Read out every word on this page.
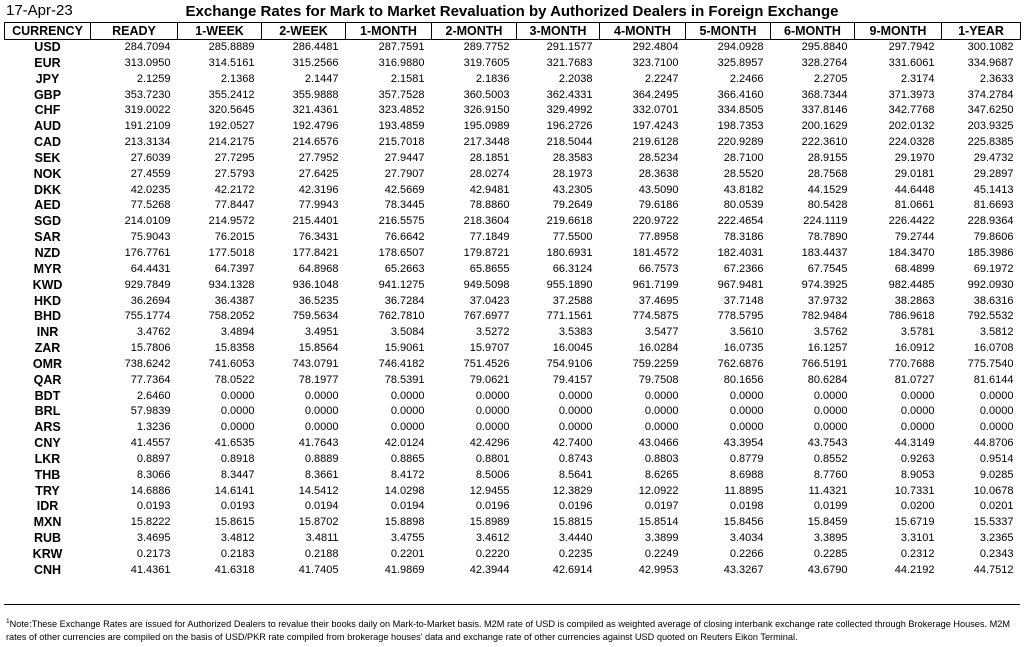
17-Apr-23	Exchange Rates for Mark to Market Revaluation by Authorized Dealers in Foreign Exchange
CURRENCY	READY	1-WEEK	2-WEEK	1-MONTH	2-MONTH	3-MONTH	4-MONTH	5-MONTH	6-MONTH	9-MONTH	1-YEAR
USD	284.7094	285.8889	286.4481	287.7591	289.7752	291.1577	292.4804	294.0928	295.8840	297.7942	300.1082
EUR	313.0950	314.5161	315.2566	316.9880	319.7605	321.7683	323.7100	325.8957	328.2764	331.6061	334.9687
JPY	2.1259	2.1368	2.1447	2.1581	2.1836	2.2038	2.2247	2.2466	2.2705	2.3174	2.3633
GBP	353.7230	355.2412	355.9888	357.7528	360.5003	362.4331	364.2495	366.4160	368.7344	371.3973	374.2784
CHF	319.0022	320.5645	321.4361	323.4852	326.9150	329.4992	332.0701	334.8505	337.8146	342.7768	347.6250
AUD	191.2109	192.0527	192.4796	193.4859	195.0989	196.2726	197.4243	198.7353	200.1629	202.0132	203.9325
CAD	213.3134	214.2175	214.6576	215.7018	217.3448	218.5044	219.6128	220.9289	222.3610	224.0328	225.8385
SEK	27.6039	27.7295	27.7952	27.9447	28.1851	28.3583	28.5234	28.7100	28.9155	29.1970	29.4732
NOK	27.4559	27.5793	27.6425	27.7907	28.0274	28.1973	28.3638	28.5520	28.7568	29.0181	29.2897
DKK	42.0235	42.2172	42.3196	42.5669	42.9481	43.2305	43.5090	43.8182	44.1529	44.6448	45.1413
AED	77.5268	77.8447	77.9943	78.3445	78.8860	79.2649	79.6186	80.0539	80.5428	81.0661	81.6693
SGD	214.0109	214.9572	215.4401	216.5575	218.3604	219.6618	220.9722	222.4654	224.1119	226.4422	228.9364
SAR	75.9043	76.2015	76.3431	76.6642	77.1849	77.5500	77.8958	78.3186	78.7890	79.2744	79.8606
NZD	176.7761	177.5018	177.8421	178.6507	179.8721	180.6931	181.4572	182.4031	183.4437	184.3470	185.3986
MYR	64.4431	64.7397	64.8968	65.2663	65.8655	66.3124	66.7573	67.2366	67.7545	68.4899	69.1972
KWD	929.7849	934.1328	936.1048	941.1275	949.5098	955.1890	961.7199	967.9481	974.3925	982.4485	992.0930
HKD	36.2694	36.4387	36.5235	36.7284	37.0423	37.2588	37.4695	37.7148	37.9732	38.2863	38.6316
BHD	755.1774	758.2052	759.5634	762.7810	767.6977	771.1561	774.5875	778.5795	782.9484	786.9618	792.5532
INR	3.4762	3.4894	3.4951	3.5084	3.5272	3.5383	3.5477	3.5610	3.5762	3.5781	3.5812
ZAR	15.7806	15.8358	15.8564	15.9061	15.9707	16.0045	16.0284	16.0735	16.1257	16.0912	16.0708
OMR	738.6242	741.6053	743.0791	746.4182	751.4526	754.9106	759.2259	762.6876	766.5191	770.7688	775.7540
QAR	77.7364	78.0522	78.1977	78.5391	79.0621	79.4157	79.7508	80.1656	80.6284	81.0727	81.6144
BDT	2.6460	0.0000	0.0000	0.0000	0.0000	0.0000	0.0000	0.0000	0.0000	0.0000	0.0000
BRL	57.9839	0.0000	0.0000	0.0000	0.0000	0.0000	0.0000	0.0000	0.0000	0.0000	0.0000
ARS	1.3236	0.0000	0.0000	0.0000	0.0000	0.0000	0.0000	0.0000	0.0000	0.0000	0.0000
CNY	41.4557	41.6535	41.7643	42.0124	42.4296	42.7400	43.0466	43.3954	43.7543	44.3149	44.8706
LKR	0.8897	0.8918	0.8889	0.8865	0.8801	0.8743	0.8803	0.8779	0.8552	0.9263	0.9514
THB	8.3066	8.3447	8.3661	8.4172	8.5006	8.5641	8.6265	8.6988	8.7760	8.9053	9.0285
TRY	14.6886	14.6141	14.5412	14.0298	12.9455	12.3829	12.0922	11.8895	11.4321	10.7331	10.0678
IDR	0.0193	0.0193	0.0194	0.0194	0.0196	0.0196	0.0197	0.0198	0.0199	0.0200	0.0201
MXN	15.8222	15.8615	15.8702	15.8898	15.8989	15.8815	15.8514	15.8456	15.8459	15.6719	15.5337
RUB	3.4695	3.4812	3.4811	3.4755	3.4612	3.4440	3.3899	3.4034	3.3895	3.3101	3.2365
KRW	0.2173	0.2183	0.2188	0.2201	0.2220	0.2235	0.2249	0.2266	0.2285	0.2312	0.2343
CNH	41.4361	41.6318	41.7405	41.9869	42.3944	42.6914	42.9953	43.3267	43.6790	44.2192	44.7512
$^1$Note:These Exchange Rates are issued for Authorized Dealers to revalue their books daily on Mark-to-Market basis. M2M rate of USD is compiled as weighted average of closing interbank exchange rate collected through Brokerage Houses. M2M rates of other currencies are compiled on the basis of USD/PKR rate compiled from brokerage houses' data and exchange rate of other currencies against USD quoted on Reuters Eikon Terminal.
